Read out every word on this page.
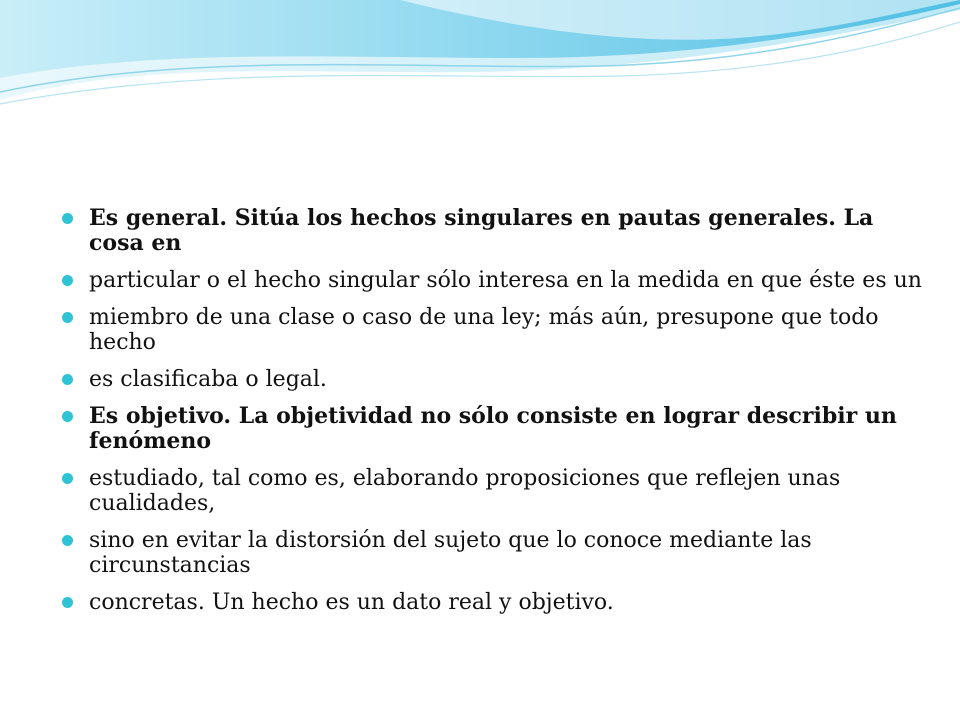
Es general. Sitúa los hechos singulares en pautas generales. La cosa en
particular o el hecho singular sólo interesa en la medida en que éste es un
miembro de una clase o caso de una ley; más aún, presupone que todo hecho
es clasificaba o legal.
Es objetivo. La objetividad no sólo consiste en lograr describir un fenómeno
estudiado, tal como es, elaborando proposiciones que reflejen unas cualidades,
sino en evitar la distorsión del sujeto que lo conoce mediante las circunstancias
concretas. Un hecho es un dato real y objetivo.
